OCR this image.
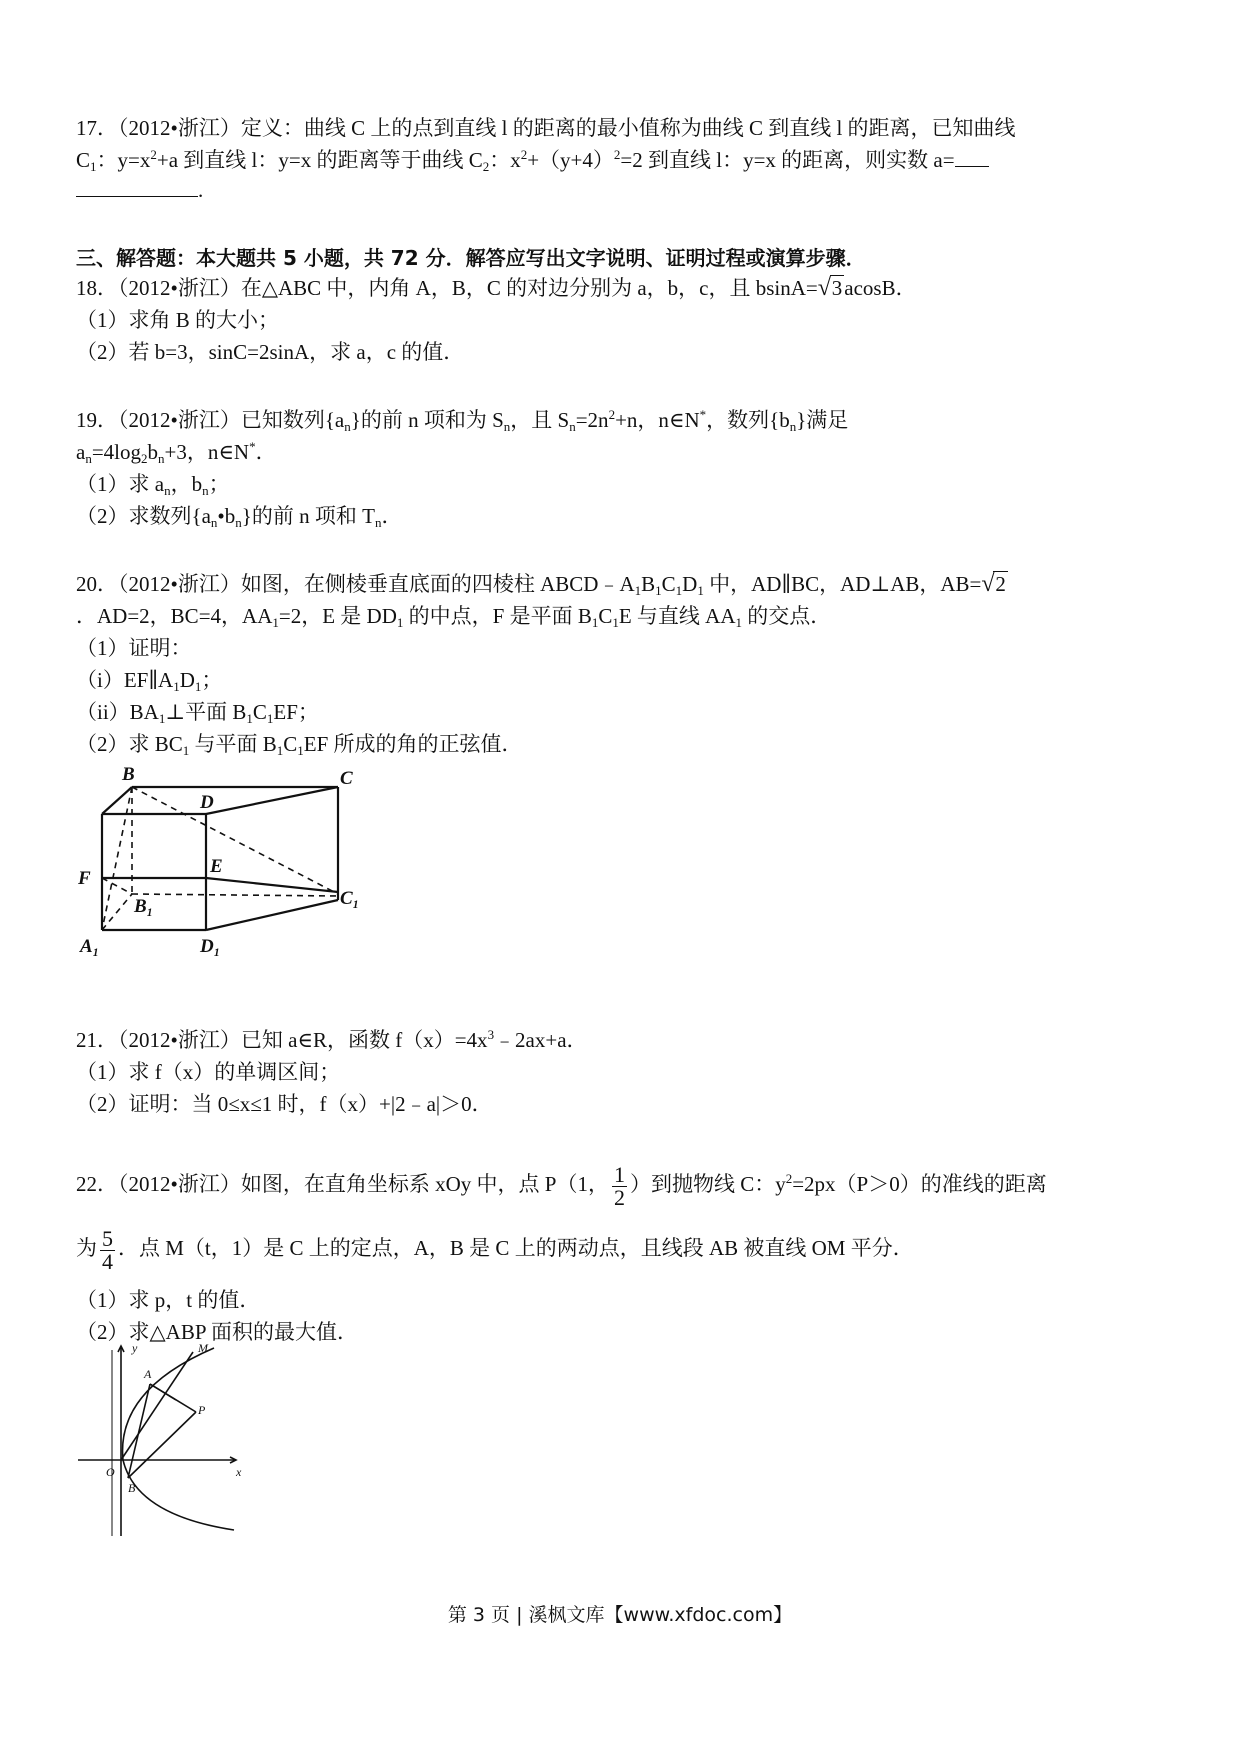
17．（2012•浙江）定义：曲线 C 上的点到直线 l 的距离的最小值称为曲线 C 到直线 l 的距离，已知曲线
$C_1$：$y=x^2+a$ 到直线 l：y=x 的距离等于曲线 $C_2$：$x^2+(y+4)^2=2$ 到直线 l：y=x 的距离，则实数 a=
.
三、解答题：本大题共 5 小题，共 72 分．解答应写出文字说明、证明过程或演算步骤．
18．（2012•浙江）在△ABC 中，内角 A，B，C 的对边分别为 a，b，c，且 bsinA= √ 3acosB．
（1）求角 B 的大小；
（2）若 b=3，sinC=2sinA，求 a，c 的值．
19．（2012•浙江）已知数列$\{a_n\}$的前 n 项和为 $S_n$，且 $S_n=2n^2+n$，n∈N*，数列$\{b_n\}$满足
$a_n=4\log_2b_n+3$，n∈N*．
（1）求 $a_n$，$b_n$；
（2）求数列$\{a_n•b_n\}$的前 n 项和 $T_n$．
20．（2012•浙江）如图，在侧棱垂直底面的四棱柱 $ABCD﹣A_1B_1C_1D_1$ 中，AD∥BC，AD⊥AB，AB= √ 2
．AD=2，BC=4，$AA_1=2$，E 是 $DD_1$ 的中点，F 是平面 $B_1C_1E$ 与直线 $AA_1$ 的交点．
（1）证明：
$(i)EF\parallel A_1D_1$；
$(ii)BA_1\perp$平面 $B_1C_1EF$；
（2）求 $BC_1$ 与平面 $B_1C_1EF$ 所成的角的正弦值．
B	C
D
E
F
B₁	C₁
A₁	D₁
21．（2012•浙江）已知 a∈R，函数 $f(x)=4x^3﹣2ax+a$．
（1）求 f（x）的单调区间；
（2）证明：当 0≤x≤1 时，f（x）+|2﹣a|＞0．
22．（2012•浙江）如图，在直角坐标系 xOy 中，点 P（1， $\frac{1}{2}$ ）到抛物线 C：$y^2=2px(P>0)$的准线的距离
为 $\frac{5}{4}$ ．点 M（t，1）是 C 上的定点，A，B 是 C 上的两动点，且线段 AB 被直线 OM 平分．
（1）求 p，t 的值．
（2）求△ABP 面积的最大值．
y
x
O
A
B
M
P
第 3 页 | 溪枫文库【www.xfdoc.com】
